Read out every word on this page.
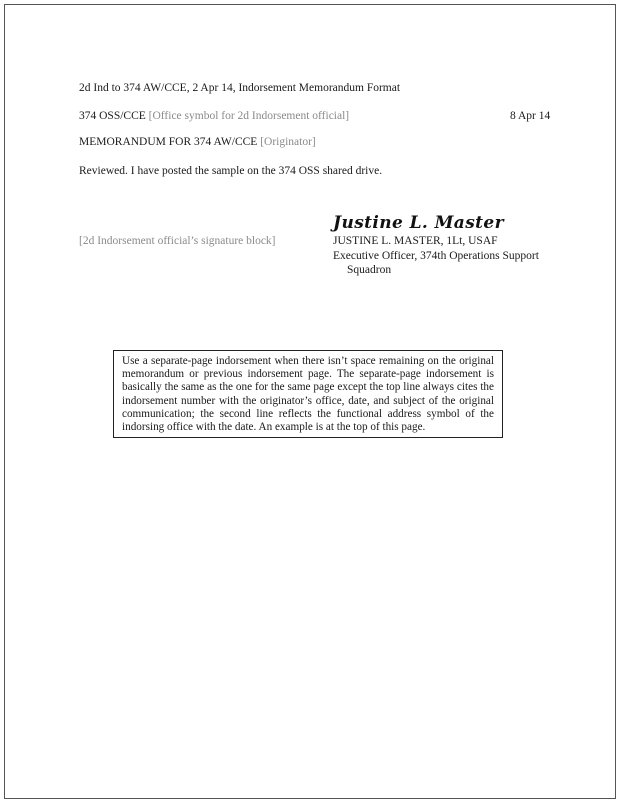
2d Ind to 374 AW/CCE, 2 Apr 14, Indorsement Memorandum Format
374 OSS/CCE [Office symbol for 2d Indorsement official]	8 Apr 14
MEMORANDUM FOR 374 AW/CCE [Originator]
Reviewed. I have posted the sample on the 374 OSS shared drive.
[2d Indorsement official’s signature block]
Justine L. Master
JUSTINE L. MASTER, 1Lt, USAF
Executive Officer, 374th Operations Support
Squadron
Use a separate-page indorsement when there isn’t space remaining on the original memorandum or previous indorsement page. The separate-page indorsement is basically the same as the one for the same page except the top line always cites the indorsement number with the originator’s office, date, and subject of the original communication; the second line reflects the functional address symbol of the indorsing office with the date. An example is at the top of this page.
